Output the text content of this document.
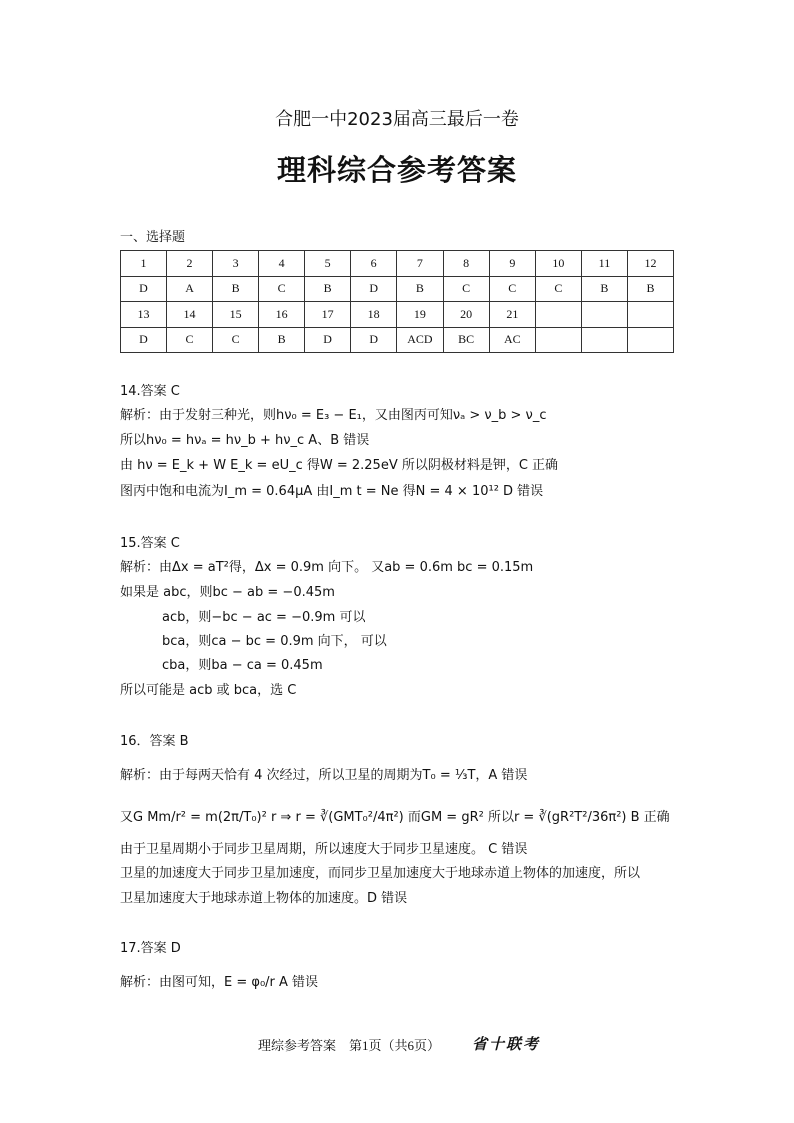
合肥一中2023届高三最后一卷
理科综合参考答案
一、选择题
1	2	3	4	5	6	7	8	9	10	11	12
D	A	B	C	B	D	B	C	C	C	B	B
13	14	15	16	17	18	19	20	21			
D	C	C	B	D	D	ACD	BC	AC			
14.答案 C
解析：由于发射三种光，则hν₀ = E₃ − E₁，又由图丙可知νₐ > ν_b > ν_c
所以hν₀ = hνₐ = hν_b + hν_c A、B 错误
由 hν = E_k + W E_k = eU_c 得W = 2.25eV 所以阴极材料是钾，C 正确
图丙中饱和电流为I_m = 0.64μA 由I_m t = Ne 得N = 4 × 10¹² D 错误
15.答案 C
解析：由Δx = aT²得，Δx = 0.9m 向下。 又ab = 0.6m bc = 0.15m
如果是 abc，则bc − ab = −0.45m
acb，则−bc − ac = −0.9m 可以
bca，则ca − bc = 0.9m 向下， 可以
cba，则ba − ca = 0.45m
所以可能是 acb 或 bca，选 C
16．答案 B
解析：由于每两天恰有 4 次经过，所以卫星的周期为T₀ = ⅓T，A 错误
又G Mm/r² = m(2π/T₀)² r ⇒ r = ∛(GMT₀²/4π²) 而GM = gR² 所以r = ∛(gR²T²/36π²) B 正确
由于卫星周期小于同步卫星周期，所以速度大于同步卫星速度。 C 错误
卫星的加速度大于同步卫星加速度，而同步卫星加速度大于地球赤道上物体的加速度，所以
卫星加速度大于地球赤道上物体的加速度。D 错误
17.答案 D
解析：由图可知，E = φ₀/r A 错误
理综参考答案　第1页（共6页） 省十联考
